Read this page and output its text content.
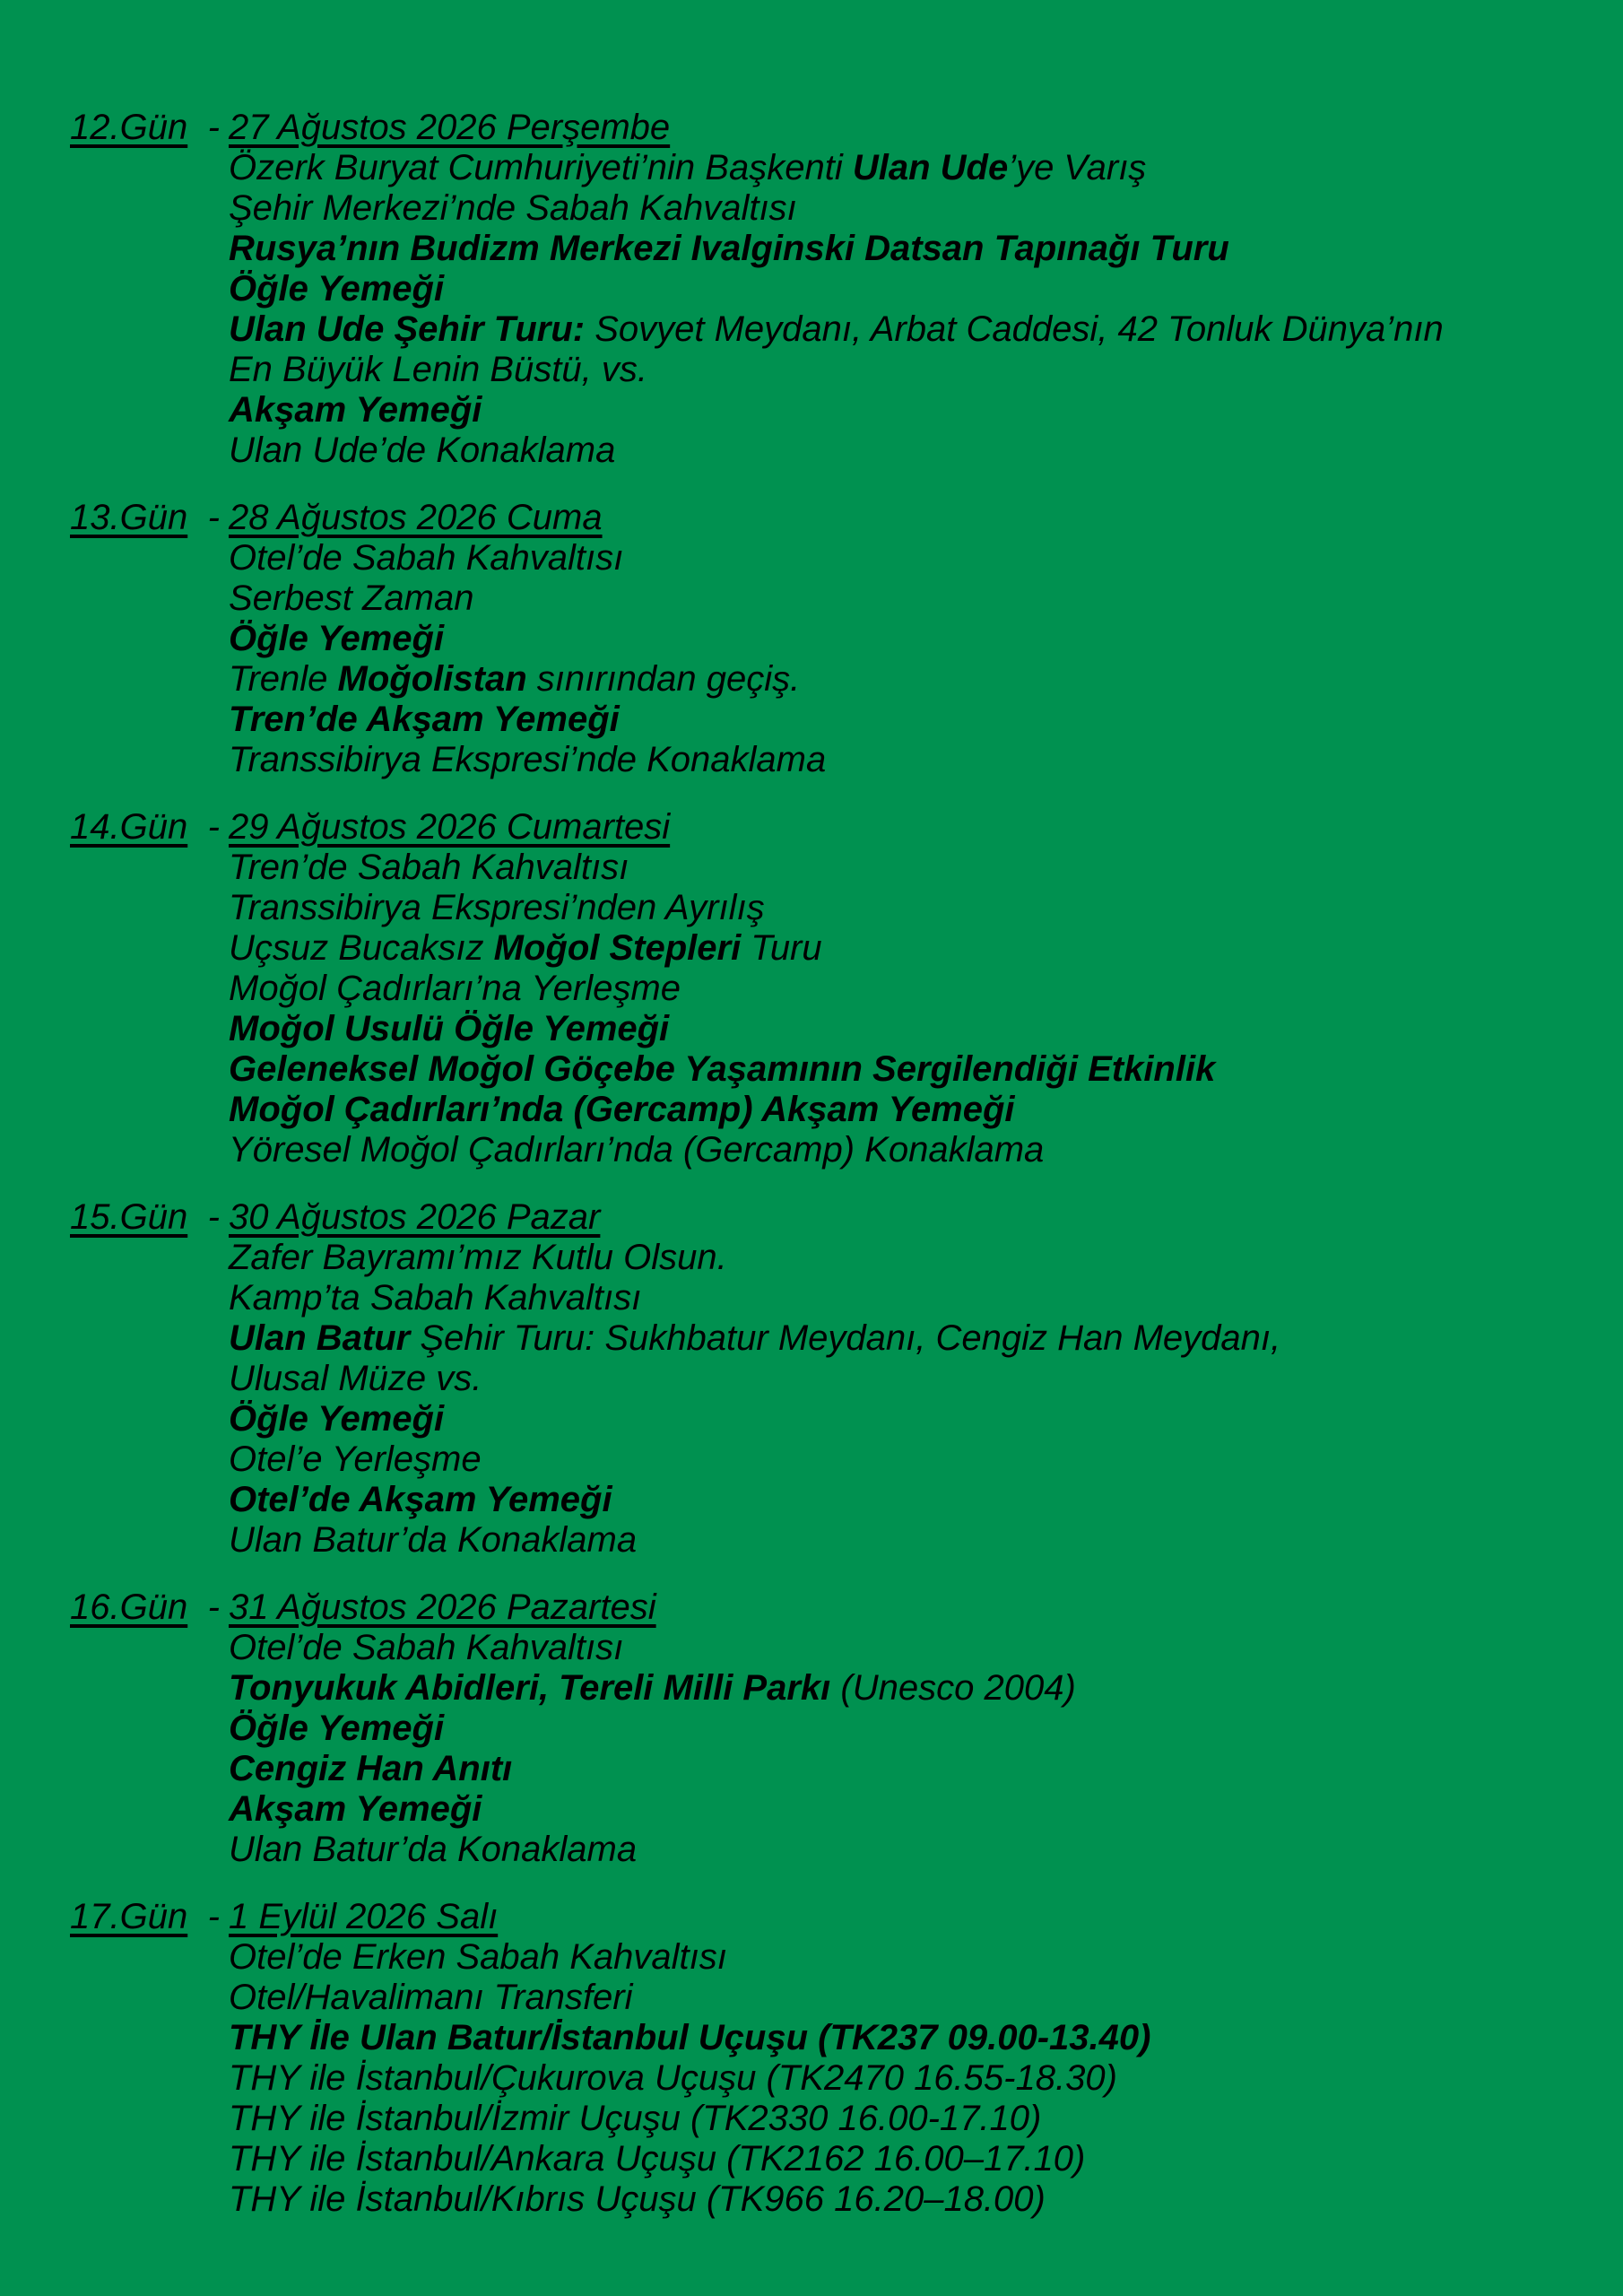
12.Gün - 27 Ağustos 2026 Perşembe
Özerk Buryat Cumhuriyeti’nin Başkenti Ulan Ude’ye Varış
Şehir Merkezi’nde Sabah Kahvaltısı
Rusya’nın Budizm Merkezi Ivalginski Datsan Tapınağı Turu
Öğle Yemeği
Ulan Ude Şehir Turu: Sovyet Meydanı, Arbat Caddesi, 42 Tonluk Dünya’nın
En Büyük Lenin Büstü, vs.
Akşam Yemeği
Ulan Ude’de Konaklama
13.Gün - 28 Ağustos 2026 Cuma
Otel’de Sabah Kahvaltısı
Serbest Zaman
Öğle Yemeği
Trenle Moğolistan sınırından geçiş.
Tren’de Akşam Yemeği
Transsibirya Ekspresi’nde Konaklama
14.Gün - 29 Ağustos 2026 Cumartesi
Tren’de Sabah Kahvaltısı
Transsibirya Ekspresi’nden Ayrılış
Uçsuz Bucaksız Moğol Stepleri Turu
Moğol Çadırları’na Yerleşme
Moğol Usulü Öğle Yemeği
Geleneksel Moğol Göçebe Yaşamının Sergilendiği Etkinlik
Moğol Çadırları’nda (Gercamp) Akşam Yemeği
Yöresel Moğol Çadırları’nda (Gercamp) Konaklama
15.Gün - 30 Ağustos 2026 Pazar
Zafer Bayramı’mız Kutlu Olsun.
Kamp’ta Sabah Kahvaltısı
Ulan Batur Şehir Turu: Sukhbatur Meydanı, Cengiz Han Meydanı,
Ulusal Müze vs.
Öğle Yemeği
Otel’e Yerleşme
Otel’de Akşam Yemeği
Ulan Batur’da Konaklama
16.Gün - 31 Ağustos 2026 Pazartesi
Otel’de Sabah Kahvaltısı
Tonyukuk Abidleri, Tereli Milli Parkı (Unesco 2004)
Öğle Yemeği
Cengiz Han Anıtı
Akşam Yemeği
Ulan Batur’da Konaklama
17.Gün - 1 Eylül 2026 Salı
Otel’de Erken Sabah Kahvaltısı
Otel/Havalimanı Transferi
THY İle Ulan Batur/İstanbul Uçuşu (TK237 09.00-13.40)
THY ile İstanbul/Çukurova Uçuşu (TK2470 16.55-18.30)
THY ile İstanbul/İzmir Uçuşu (TK2330 16.00-17.10)
THY ile İstanbul/Ankara Uçuşu (TK2162 16.00–17.10)
THY ile İstanbul/Kıbrıs Uçuşu (TK966 16.20–18.00)
